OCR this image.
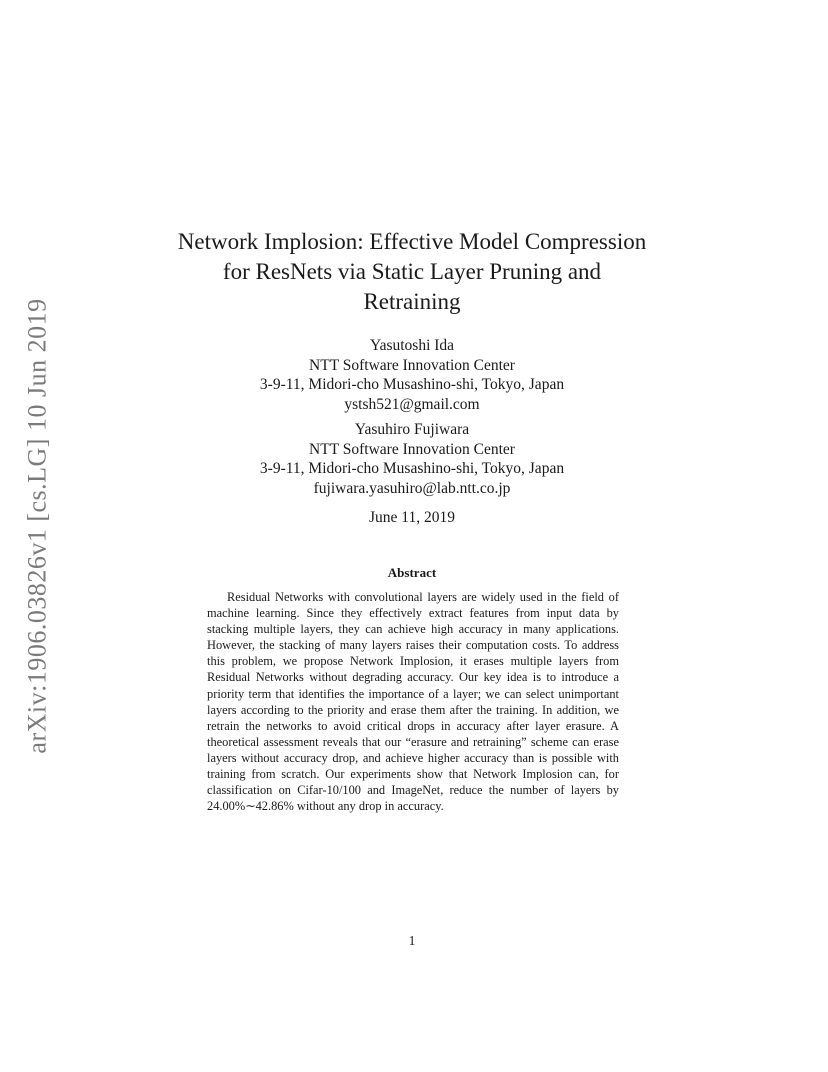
arXiv:1906.03826v1 [cs.LG] 10 Jun 2019
Network Implosion: Effective Model Compression
for ResNets via Static Layer Pruning and
Retraining
Yasutoshi Ida
NTT Software Innovation Center
3-9-11, Midori-cho Musashino-shi, Tokyo, Japan
ystsh521@gmail.com
Yasuhiro Fujiwara
NTT Software Innovation Center
3-9-11, Midori-cho Musashino-shi, Tokyo, Japan
fujiwara.yasuhiro@lab.ntt.co.jp
June 11, 2019
Abstract

Residual Networks with convolutional layers are widely used in the field of machine learning. Since they effectively extract features from input data by stacking multiple layers, they can achieve high accuracy in many applications. However, the stacking of many layers raises their computation costs. To address this problem, we propose Network Implosion, it erases multiple layers from Residual Networks without degrading accuracy. Our key idea is to introduce a priority term that identifies the importance of a layer; we can select unimportant layers according to the priority and erase them after the training. In addition, we retrain the networks to avoid critical drops in accuracy after layer erasure. A theoretical assessment reveals that our “erasure and retraining” scheme can erase layers without accuracy drop, and achieve higher accuracy than is possible with training from scratch. Our experiments show that Network Implosion can, for classification on Cifar-10/100 and ImageNet, reduce the number of layers by 24.00%∼42.86% without any drop in accuracy.

1
